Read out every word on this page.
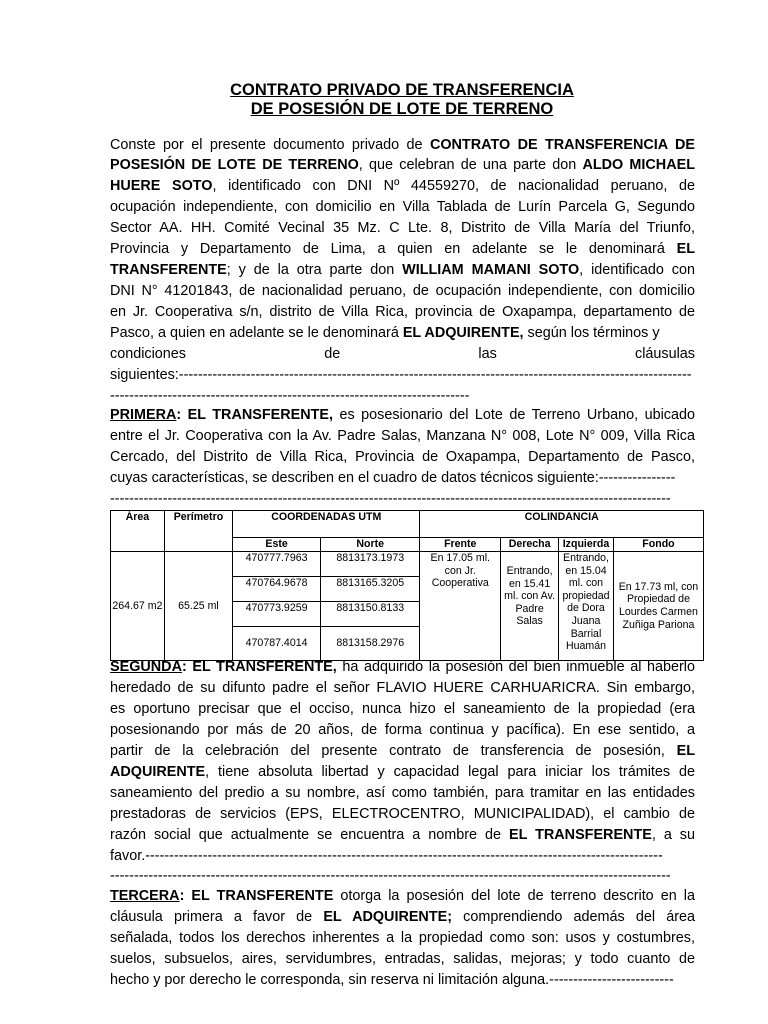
CONTRATO PRIVADO DE TRANSFERENCIA
DE POSESIÓN DE LOTE DE TERRENO
Conste por el presente documento privado de CONTRATO DE TRANSFERENCIA DE
POSESIÓN DE LOTE DE TERRENO, que celebran de una parte don ALDO MICHAEL
HUERE SOTO, identificado con DNI Nº 44559270, de nacionalidad peruano, de
ocupación independiente, con domicilio en Villa Tablada de Lurín Parcela G, Segundo
Sector AA. HH. Comité Vecinal 35 Mz. C Lte. 8, Distrito de Villa María del Triunfo,
Provincia y Departamento de Lima, a quien en adelante se le denominará EL
TRANSFERENTE; y de la otra parte don WILLIAM MAMANI SOTO, identificado con
DNI N° 41201843, de nacionalidad peruano, de ocupación independiente, con domicilio
en Jr. Cooperativa s/n, distrito de Villa Rica, provincia de Oxapampa, departamento de
Pasco, a quien en adelante se le denominará EL ADQUIRENTE, según los términos y
condiciones	de	las	cláusulas
siguientes:-----------------------------------------------------------------------------------------------------------
---------------------------------------------------------------------------
PRIMERA: EL TRANSFERENTE, es posesionario del Lote de Terreno Urbano, ubicado
entre el Jr. Cooperativa con la Av. Padre Salas, Manzana N° 008, Lote N° 009, Villa Rica
Cercado, del Distrito de Villa Rica, Provincia de Oxapampa, Departamento de Pasco,
cuyas características, se describen en el cuadro de datos técnicos siguiente:----------------
---------------------------------------------------------------------------------------------------------------------
Área	Perímetro	COORDENADAS UTM		COLINDANCIA			
		Este	Norte	Frente	Derecha	Izquierda	Fondo
264.67 m2	65.25 ml	470777.7963	8813173.1973	En 17.05 ml. con Jr. Cooperativa	Entrando, en 15.41 ml. con Av. Padre Salas	Entrando, en 15.04 ml. con propiedad de Dora Juana Barrial Huamán	En 17.73 ml, con Propiedad de Lourdes Carmen Zuñiga Pariona
		470764.9678	8813165.3205				
		470773.9259	8813150.8133				
		470787.4014	8813158.2976				
SEGUNDA: EL TRANSFERENTE, ha adquirido la posesión del bien inmueble al haberlo
heredado de su difunto padre el señor FLAVIO HUERE CARHUARICRA. Sin embargo,
es oportuno precisar que el occiso, nunca hizo el saneamiento de la propiedad (era
posesionando por más de 20 años, de forma continua y pacífica). En ese sentido, a
partir de la celebración del presente contrato de transferencia de posesión, EL
ADQUIRENTE, tiene absoluta libertad y capacidad legal para iniciar los trámites de
saneamiento del predio a su nombre, así como también, para tramitar en las entidades
prestadoras de servicios (EPS, ELECTROCENTRO, MUNICIPALIDAD), el cambio de
razón social que actualmente se encuentra a nombre de EL TRANSFERENTE, a su
favor.------------------------------------------------------------------------------------------------------------
---------------------------------------------------------------------------------------------------------------------
TERCERA: EL TRANSFERENTE otorga la posesión del lote de terreno descrito en la
cláusula primera a favor de EL ADQUIRENTE; comprendiendo además del área
señalada, todos los derechos inherentes a la propiedad como son: usos y costumbres,
suelos, subsuelos, aires, servidumbres, entradas, salidas, mejoras; y todo cuanto de
hecho y por derecho le corresponda, sin reserva ni limitación alguna.--------------------------
